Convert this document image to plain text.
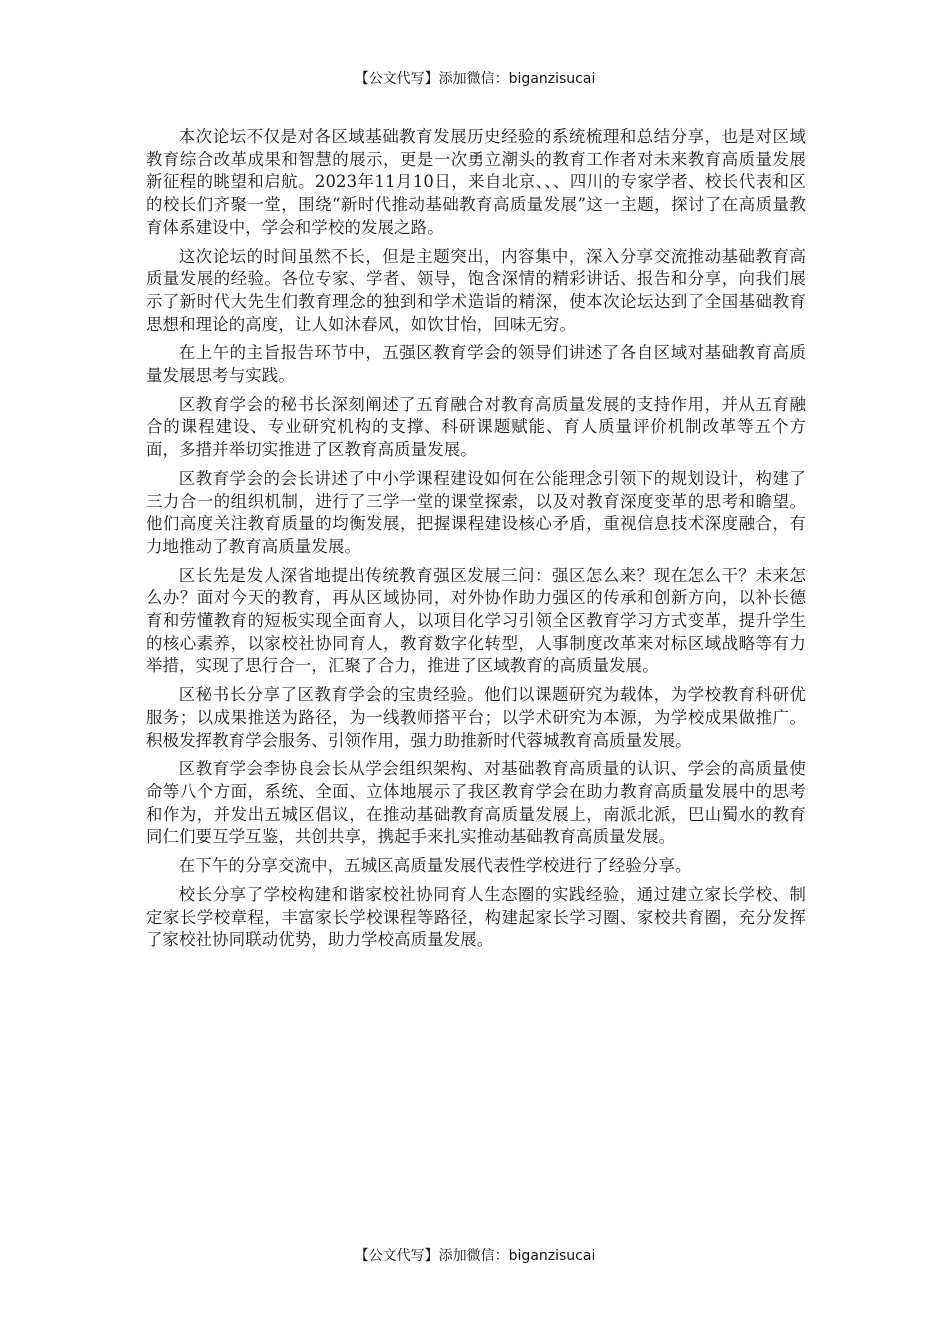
【公文代写】添加微信：biganzisucai

本次论坛不仅是对各区域基础教育发展历史经验的系统梳理和总结分享，也是对区域教育综合改革成果和智慧的展示，更是一次勇立潮头的教育工作者对未来教育高质量发展新征程的眺望和启航。2023年11月10日，来自北京、、、四川的专家学者、校长代表和区的校长们齐聚一堂，围绕“新时代推动基础教育高质量发展”这一主题，探讨了在高质量教育体系建设中，学会和学校的发展之路。

这次论坛的时间虽然不长，但是主题突出，内容集中，深入分享交流推动基础教育高质量发展的经验。各位专家、学者、领导，饱含深情的精彩讲话、报告和分享，向我们展示了新时代大先生们教育理念的独到和学术造诣的精深，使本次论坛达到了全国基础教育思想和理论的高度，让人如沐春风，如饮甘怡，回味无穷。

在上午的主旨报告环节中，五强区教育学会的领导们讲述了各自区域对基础教育高质量发展思考与实践。

区教育学会的秘书长深刻阐述了五育融合对教育高质量发展的支持作用，并从五育融合的课程建设、专业研究机构的支撑、科研课题赋能、育人质量评价机制改革等五个方面，多措并举切实推进了区教育高质量发展。

区教育学会的会长讲述了中小学课程建设如何在公能理念引领下的规划设计，构建了三力合一的组织机制，进行了三学一堂的课堂探索，以及对教育深度变革的思考和瞻望。他们高度关注教育质量的均衡发展，把握课程建设核心矛盾，重视信息技术深度融合，有力地推动了教育高质量发展。

区长先是发人深省地提出传统教育强区发展三问：强区怎么来？现在怎么干？未来怎么办？面对今天的教育，再从区域协同，对外协作助力强区的传承和创新方向，以补长德育和劳懂教育的短板实现全面育人，以项目化学习引领全区教育学习方式变革，提升学生的核心素养，以家校社协同育人，教育数字化转型，人事制度改革来对标区域战略等有力举措，实现了思行合一，汇聚了合力，推进了区域教育的高质量发展。

区秘书长分享了区教育学会的宝贵经验。他们以课题研究为载体，为学校教育科研优服务；以成果推送为路径，为一线教师搭平台；以学术研究为本源，为学校成果做推广。积极发挥教育学会服务、引领作用，强力助推新时代蓉城教育高质量发展。

区教育学会李协良会长从学会组织架构、对基础教育高质量的认识、学会的高质量使命等八个方面，系统、全面、立体地展示了我区教育学会在助力教育高质量发展中的思考和作为，并发出五城区倡议，在推动基础教育高质量发展上，南派北派，巴山蜀水的教育同仁们要互学互鉴，共创共享，携起手来扎实推动基础教育高质量发展。

在下午的分享交流中，五城区高质量发展代表性学校进行了经验分享。

校长分享了学校构建和谐家校社协同育人生态圈的实践经验，通过建立家长学校、制定家长学校章程，丰富家长学校课程等路径，构建起家长学习圈、家校共育圈，充分发挥了家校社协同联动优势，助力学校高质量发展。

【公文代写】添加微信：biganzisucai
